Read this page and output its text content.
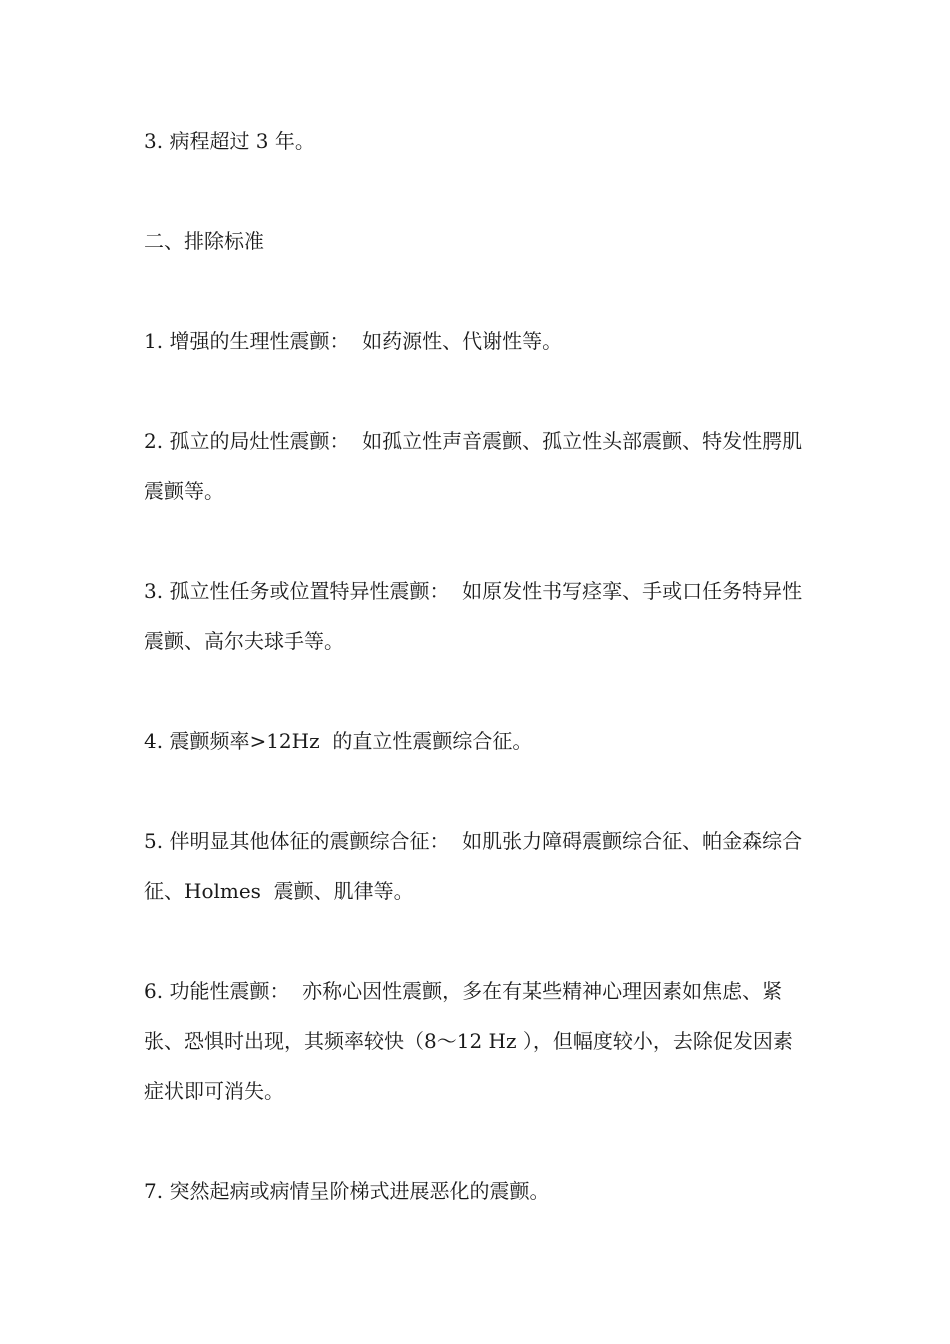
3. 病程超过 3 年。

二、排除标准

1. 增强的生理性震颤：  如药源性、代谢性等。

2. 孤立的局灶性震颤：  如孤立性声音震颤、孤立性头部震颤、特发性腭肌震颤等。

3. 孤立性任务或位置特异性震颤：  如原发性书写痉挛、手或口任务特异性震颤、高尔夫球手等。

4. 震颤频率>12Hz  的直立性震颤综合征。

5. 伴明显其他体征的震颤综合征：  如肌张力障碍震颤综合征、帕金森综合征、Holmes  震颤、肌律等。

6. 功能性震颤：  亦称心因性震颤，多在有某些精神心理因素如焦虑、紧张、恐惧时出现，其频率较快（8～12 Hz ），但幅度较小，去除促发因素症状即可消失。

7. 突然起病或病情呈阶梯式进展恶化的震颤。
